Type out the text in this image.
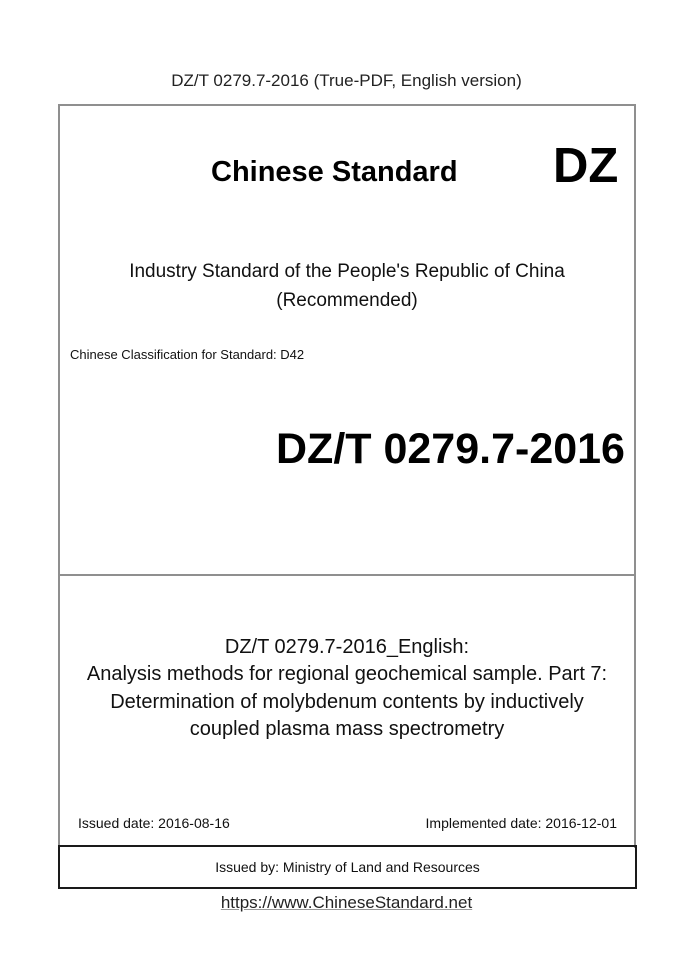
DZ/T 0279.7-2016 (True-PDF, English version)
Chinese Standard DZ
Industry Standard of the People's Republic of China
(Recommended)
Chinese Classification for Standard: D42
DZ/T 0279.7-2016
DZ/T 0279.7-2016_English:
Analysis methods for regional geochemical sample. Part 7:
Determination of molybdenum contents by inductively
coupled plasma mass spectrometry
Issued date: 2016-08-16	Implemented date: 2016-12-01
Issued by: Ministry of Land and Resources
https://www.ChineseStandard.net
